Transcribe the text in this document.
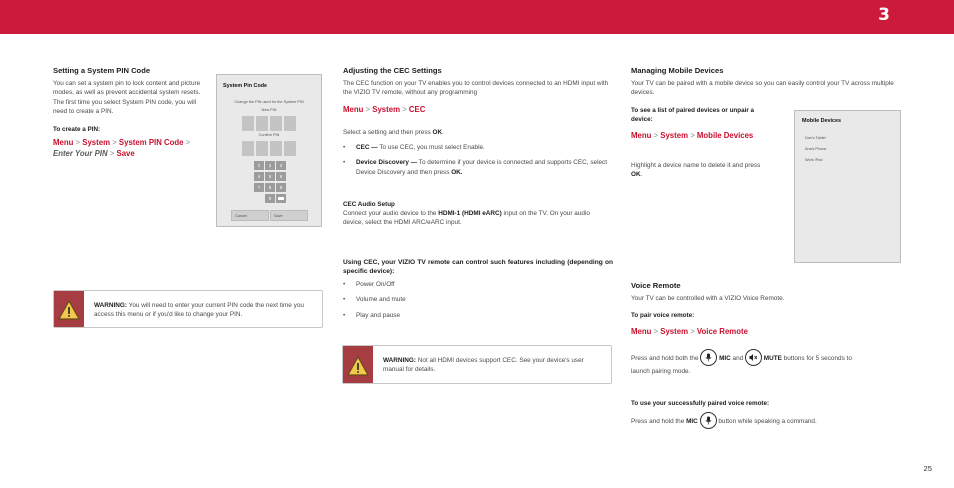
3
Setting a System PIN Code
You can set a system pin to lock content and picture modes, as well as prevent accidental system resets. The first time you select System PIN code, you will need to create a PIN.
To create a PIN:
Menu > System > System PIN Code >
Enter Your PIN > Save
System Pin Code
Change the PIN used for the System PIN
New PIN
Confirm PIN
1	2	3
4	5	6
7	8	9
0
Cancel	Save
WARNING: You will need to enter your current PIN code the next time you access this menu or if you'd like to change your PIN.
Adjusting the CEC Settings
The CEC function on your TV enables you to control devices connected to an HDMI input with the VIZIO TV remote, without any programming
Menu > System > CEC
Select a setting and then press OK.
• CEC — To use CEC, you must select Enable.
• Device Discovery — To determine if your device is connected and supports CEC, select Device Discovery and then press OK.
CEC Audio Setup
Connect your audio device to the HDMI-1 (HDMI eARC) input on the TV. On your audio device, select the HDMI ARC/eARC input.
Using CEC, your VIZIO TV remote can control such features including (depending on specific device):
• Power On/Off
• Volume and mute
• Play and pause
WARNING: Not all HDMI devices support CEC. See your device's user manual for details.
Managing Mobile Devices
Your TV can be paired with a mobile device so you can easily control your TV across multiple devices.
To see a list of paired devices or unpair a device:
Menu > System > Mobile Devices
Highlight a device name to delete it and press OK.
Mobile Devices
Dan's Tablet
Ana's Phone
Work iPad
Voice Remote
Your TV can be controlled with a VIZIO Voice Remote.
To pair voice remote:
Menu > System > Voice Remote
Press and hold both the	MIC and	MUTE buttons for 5 seconds to
launch pairing mode.
To use your successfully paired voice remote:
Press and hold the MIC	button while speaking a command.
25
